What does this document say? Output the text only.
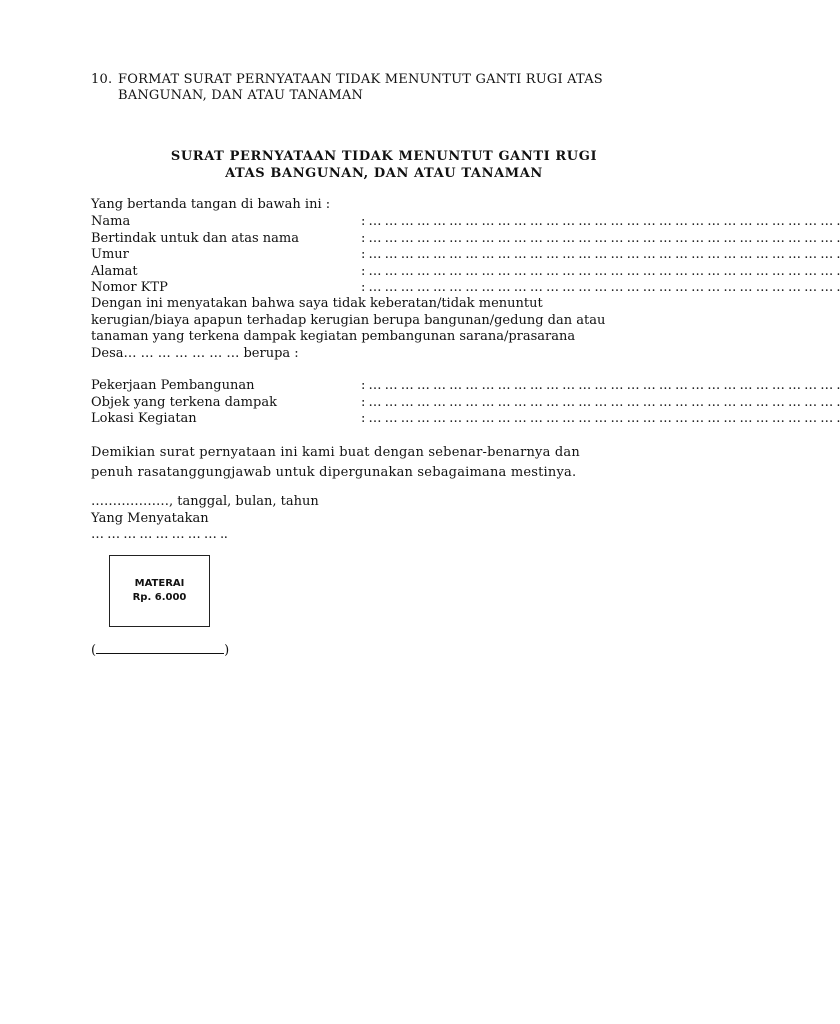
10. FORMAT SURAT PERNYATAAN TIDAK MENUNTUT GANTI RUGI ATAS
BANGUNAN, DAN ATAU TANAMAN
SURAT PERNYATAAN TIDAK MENUNTUT GANTI RUGI
ATAS BANGUNAN, DAN ATAU TANAMAN
Yang bertanda tangan di bawah ini :
Nama	: … … … … … … … … … … … … … … … … … … … … … … … … … … … … … .
Bertindak untuk dan atas nama	: … … … … … … … … … … … … … … … … … … … … … … … … … … … … … .
Umur	: … … … … … … … … … … … … … … … … … … … … … … … … … … … … … .
Alamat	: … … … … … … … … … … … … … … … … … … … … … … … … … … … … … .
Nomor KTP	: … … … … … … … … … … … … … … … … … … … … … … … … … … … … … .
Dengan ini menyatakan bahwa saya tidak keberatan/tidak menuntut
kerugian/biaya apapun terhadap kerugian berupa bangunan/gedung dan atau
tanaman yang terkena dampak kegiatan pembangunan sarana/prasarana
Desa… … … … … … … berupa :
Pekerjaan Pembangunan	: … … … … … … … … … … … … … … … … … … … … … … … … … … … … … .
Objek yang terkena dampak	: … … … … … … … … … … … … … … … … … … … … … … … … … … … … … .
Lokasi Kegiatan	: … … … … … … … … … … … … … … … … … … … … … … … … … … … … … .
Demikian surat pernyataan ini kami buat dengan sebenar-benarnya dan
penuh rasatanggungjawab untuk dipergunakan sebagaimana mestinya.
………………, tanggal, bulan, tahun
Yang Menyatakan
… … … … … … … … ..
MATERAI
Rp. 6.000
(	)
